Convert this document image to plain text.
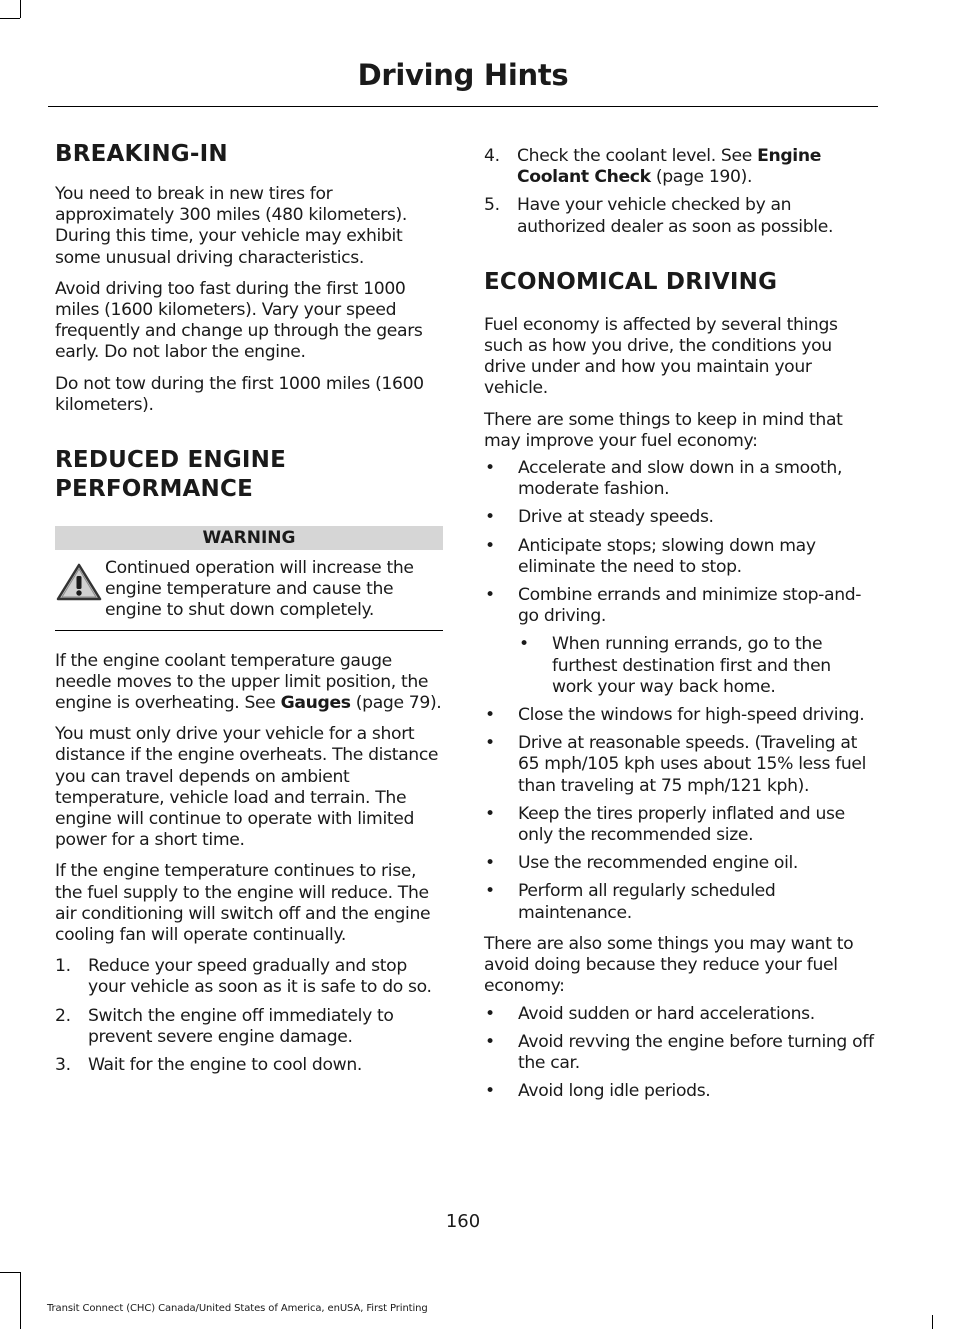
Driving Hints
BREAKING-IN

You need to break in new tires for approximately 300 miles (480 kilometers). During this time, your vehicle may exhibit some unusual driving characteristics.

Avoid driving too fast during the first 1000 miles (1600 kilometers). Vary your speed frequently and change up through the gears early. Do not labor the engine.

Do not tow during the first 1000 miles (1600 kilometers).

REDUCED ENGINE PERFORMANCE
WARNING
Continued operation will increase the engine temperature and cause the engine to shut down completely.

If the engine coolant temperature gauge needle moves to the upper limit position, the engine is overheating. See Gauges (page 79).

You must only drive your vehicle for a short distance if the engine overheats. The distance you can travel depends on ambient temperature, vehicle load and terrain. The engine will continue to operate with limited power for a short time.

If the engine temperature continues to rise, the fuel supply to the engine will reduce. The air conditioning will switch off and the engine cooling fan will operate continually.

1.	Reduce your speed gradually and stop your vehicle as soon as it is safe to do so.
2.	Switch the engine off immediately to prevent severe engine damage.
3.	Wait for the engine to cool down.
4.	Check the coolant level. See Engine Coolant Check (page 190).
5.	Have your vehicle checked by an authorized dealer as soon as possible.
ECONOMICAL DRIVING

Fuel economy is affected by several things such as how you drive, the conditions you drive under and how you maintain your vehicle.

There are some things to keep in mind that may improve your fuel economy:

•	Accelerate and slow down in a smooth, moderate fashion.
•	Drive at steady speeds.
•	Anticipate stops; slowing down may eliminate the need to stop.
•	Combine errands and minimize stop-and-go driving.
•	When running errands, go to the furthest destination first and then work your way back home.
•	Close the windows for high-speed driving.
•	Drive at reasonable speeds. (Traveling at 65 mph/105 kph uses about 15% less fuel than traveling at 75 mph/121 kph).
•	Keep the tires properly inflated and use only the recommended size.
•	Use the recommended engine oil.
•	Perform all regularly scheduled maintenance.

There are also some things you may want to avoid doing because they reduce your fuel economy:

•	Avoid sudden or hard accelerations.
•	Avoid revving the engine before turning off the car.
•	Avoid long idle periods.
160
Transit Connect (CHC) Canada/United States of America, enUSA, First Printing
